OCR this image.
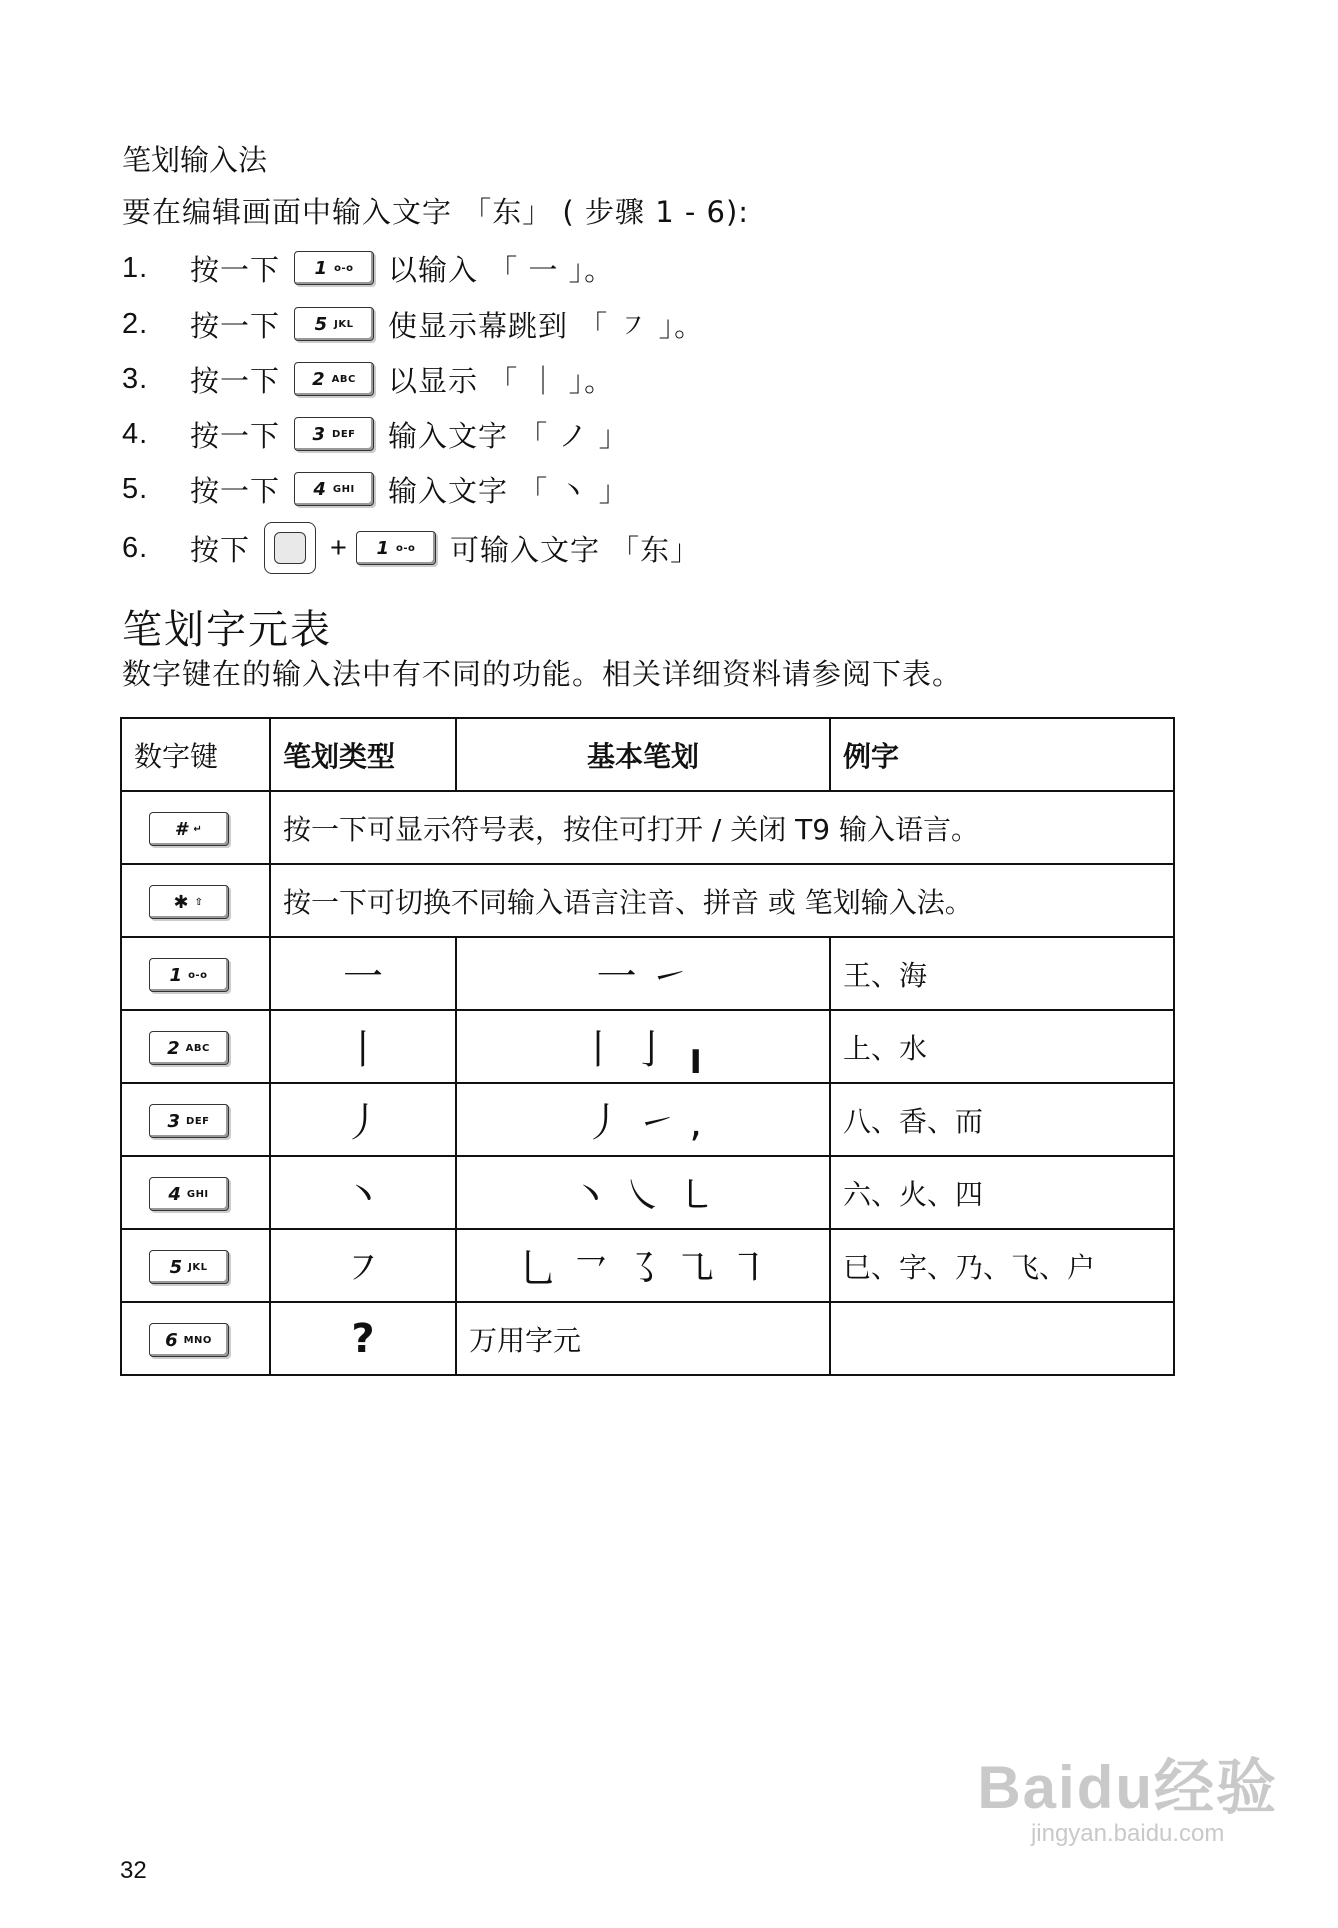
笔划输入法
要在编辑画面中输入文字 「东」 ( 步骤 1 - 6):
1.	按一下 1 o-o 以输入 「 一 」。
2.	按一下 5 JKL 使显示幕跳到 「 ㇇ 」。
3.	按一下 2 ABC 以显示 「 ｜ 」。
4.	按一下 3 DEF 输入文字 「 ノ 」
5.	按一下 4 GHI 输入文字 「 丶 」
6.	按下	+ 1 o-o 可输入文字 「东」
笔划字元表
数字键在的输入法中有不同的功能。相关详细资料请参阅下表。
数字键	笔划类型	基本笔划	例字

# ↵	按一下可显示符号表，按住可打开 / 关闭 T9 输入语言。		

✱ ⇧	按一下可切换不同输入语言注音、拼音 或 笔划输入法。		

1 o-o	一	一 ㇀	王、海

2 ABC	丨	丨 亅 ╻	上、水

3 DEF	丿	丿 ㇀ ,	八、香、而

4 GHI	丶	丶 ㇏ ㇄	六、火、四

5 JKL	㇇	乚 ㇖ ㇌ ㇈ ㇕	已、字、乃、飞、户

6 MNO	?	万用字元	
32
Baidu经验
jingyan.baidu.com
